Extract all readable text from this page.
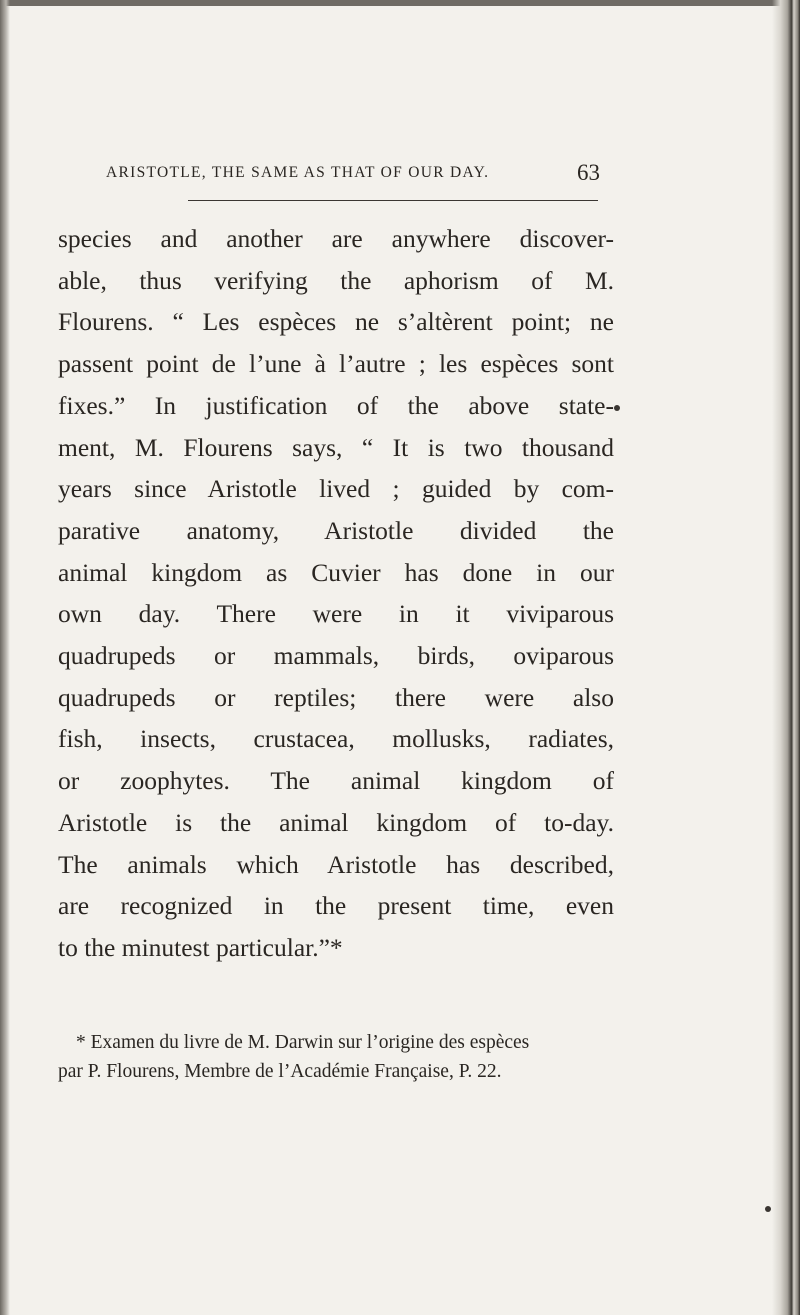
ARISTOTLE, THE SAME AS THAT OF OUR DAY.	63

species and another are anywhere discover-
able, thus verifying the aphorism of M.
Flourens. “ Les espèces ne s’altèrent point; ne
passent point de l’une à l’autre ; les espèces sont
fixes.” In justification of the above state-
ment, M. Flourens says, “ It is two thousand
years since Aristotle lived ; guided by com-
parative anatomy, Aristotle divided the
animal kingdom as Cuvier has done in our
own day. There were in it viviparous
quadrupeds or mammals, birds, oviparous
quadrupeds or reptiles; there were also
fish, insects, crustacea, mollusks, radiates,
or zoophytes. The animal kingdom of
Aristotle is the animal kingdom of to-day.
The animals which Aristotle has described,
are recognized in the present time, even
to the minutest particular.”*

* Examen du livre de M. Darwin sur l’origine des espèces
par P. Flourens, Membre de l’Académie Française, P. 22.
